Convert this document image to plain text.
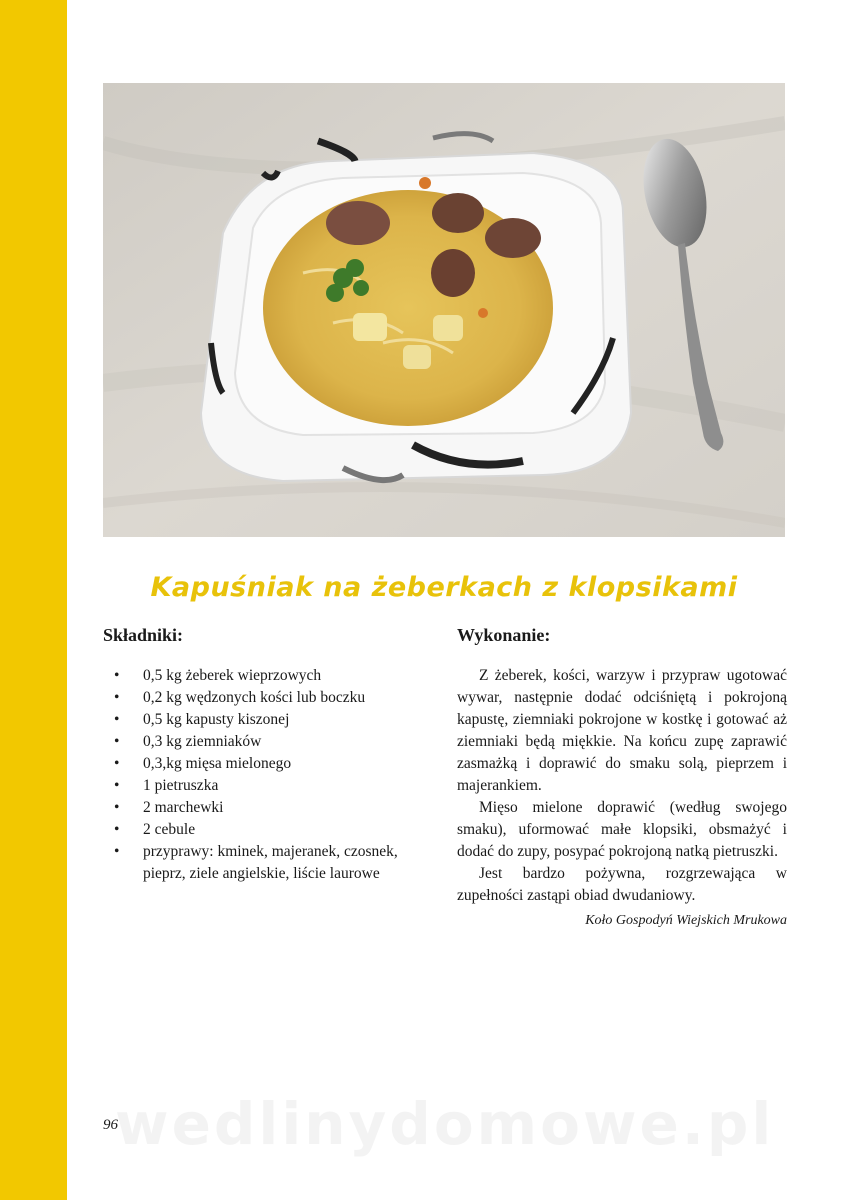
Kapuśniak na żeberkach z klopsikami
Składniki:
• 0,5 kg żeberek wieprzowych
• 0,2 kg wędzonych kości lub boczku
• 0,5 kg kapusty kiszonej
• 0,3 kg ziemniaków
• 0,3,kg mięsa mielonego
• 1 pietruszka
• 2 marchewki
• 2 cebule
• przyprawy: kminek, majeranek, czosnek, pieprz, ziele angielskie, liście laurowe
Wykonanie:

Z żeberek, kości, warzyw i przypraw ugotować wywar, następnie dodać odciśniętą i pokrojoną kapustę, ziemniaki pokrojone w kostkę i gotować aż ziemniaki będą miękkie. Na końcu zupę zaprawić zasmażką i doprawić do smaku solą, pieprzem i majerankiem.

Mięso mielone doprawić (według swojego smaku), uformować małe klopsiki, obsmażyć i dodać do zupy, posypać pokrojoną natką pietruszki.

Jest bardzo pożywna, rozgrzewająca w zupełności zastąpi obiad dwudaniowy.

Koło Gospodyń Wiejskich Mrukowa
wedlinydomowe.pl
96
